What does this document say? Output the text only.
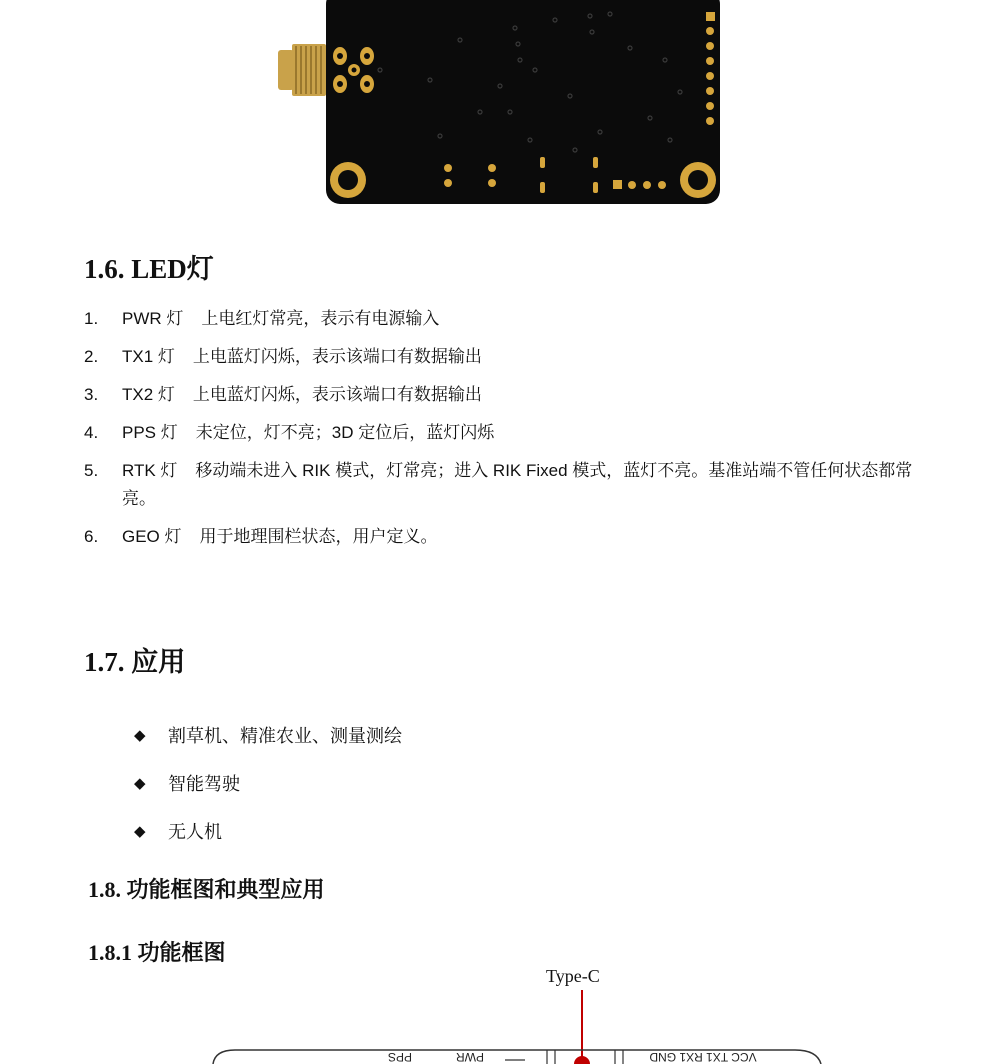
1.6. LED灯
1. PWR 灯 上电红灯常亮，表示有电源输入
2. TX1 灯 上电蓝灯闪烁，表示该端口有数据输出
3. TX2 灯 上电蓝灯闪烁，表示该端口有数据输出
4. PPS 灯 未定位，灯不亮；3D 定位后，蓝灯闪烁
5. RTK 灯 移动端未进入 RIK 模式，灯常亮；进入 RIK Fixed 模式，蓝灯不亮。基准站端不管任何状态都常亮。
6. GEO 灯 用于地理围栏状态，用户定义。
1.7. 应用
◆ 割草机、精准农业、测量测绘
◆ 智能驾驶
◆ 无人机
1.8. 功能框图和典型应用
1.8.1 功能框图
Type-C
PPS	PWR	VCC TX1 RX1 GND
